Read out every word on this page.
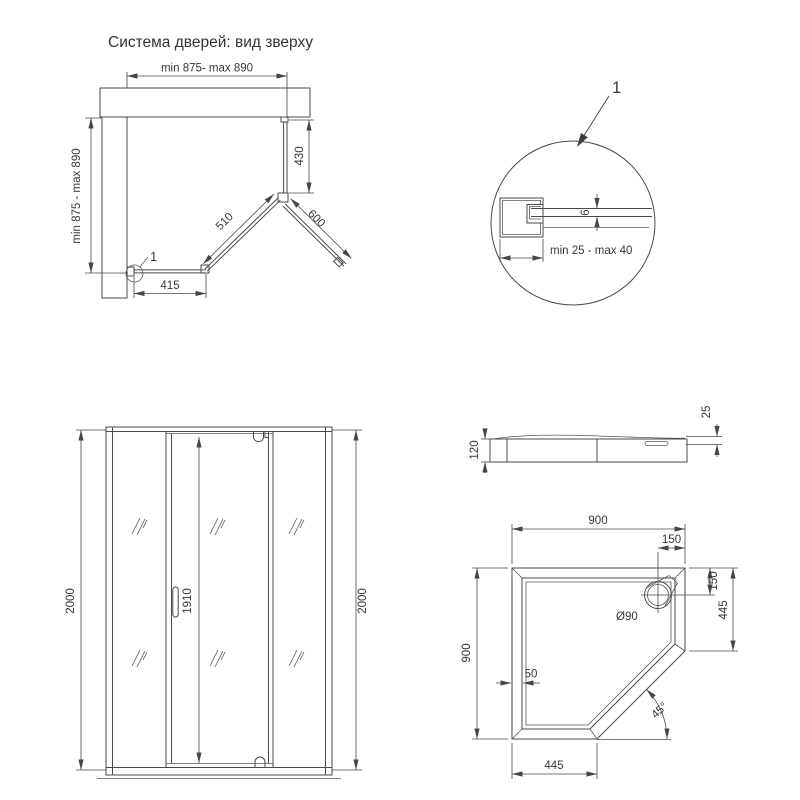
Система дверей: вид зверху
1
min 875- max 890
min 875 - max 890	430
510	600
415
1
6
min 25 - max 40
2000	2000
1910
120
25
Ø90
900
150
150
445
900
50
45°
445
